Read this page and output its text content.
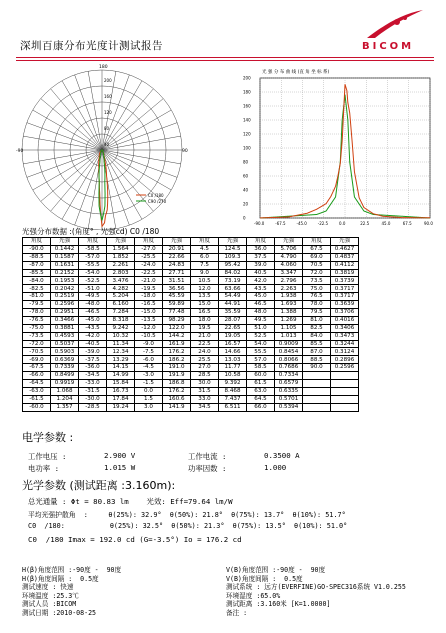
深圳百康分布光度计测试报告	BICOM
40
80
120
160
200
180
-90	90
C0 /180
C90 /270
光 强 分 布 曲 线 (直 角 坐 标 系)
200
180
160
140
120
100
80
60
40
20
0
-90.0	-67.5	-45.0	-22.5	0.0	22.5	45.0	67.5	90.0
光强分布数据 :(角度° , 光强cd) C0 /180
角度	光强	角度	光强	角度	光强	角度	光强	角度	光强	角度	光强
-90.0	0.1442	-58.5	1.564	-27.0	20.91	4.5	124.5	36.0	5.706	67.5	0.4627
-88.5	0.1587	-57.0	1.852	-25.5	22.66	6.0	109.3	37.5	4.790	69.0	0.4837
-87.0	0.1631	-55.5	2.261	-24.0	24.83	7.5	95.42	39.0	4.060	70.5	0.4112
-85.5	0.2152	-54.0	2.803	-22.5	27.71	9.0	84.02	40.5	3.347	72.0	0.3819
-84.0	0.1953	-52.5	3.476	-21.0	31.51	10.5	73.19	42.0	2.796	73.5	0.3739
-82.5	0.2042	-51.0	4.282	-19.5	36.56	12.0	63.66	43.5	2.263	75.0	0.3717
-81.0	0.2519	-49.5	5.204	-18.0	45.59	13.5	54.49	45.0	1.938	76.5	0.3717
-79.5	0.2596	-48.0	6.160	-16.5	59.89	15.0	44.91	46.5	1.693	78.0	0.3639
-78.0	0.2951	-46.5	7.284	-15.0	77.48	16.5	35.59	48.0	1.388	79.5	0.3706
-76.5	0.3466	-45.0	8.318	-13.5	98.29	18.0	28.07	49.5	1.269	81.0	0.4016
-75.0	0.3881	-43.5	9.242	-12.0	122.0	19.5	22.65	51.0	1.105	82.5	0.3406
-73.5	0.4593	-42.0	10.32	-10.5	144.2	21.0	19.05	52.5	1.013	84.0	0.3473
-72.0	0.5037	-40.5	11.34	-9.0	161.9	22.5	16.57	54.0	0.9009	85.5	0.3244
-70.5	0.5903	-39.0	12.34	-7.5	176.2	24.0	14.66	55.5	0.8454	87.0	0.3124
-69.0	0.6369	-37.5	13.29	-6.0	186.2	25.5	13.03	57.0	0.8066	88.5	0.2896
-67.5	0.7339	-36.0	14.15	-4.5	191.0	27.0	11.77	58.5	0.7686	90.0	0.2596
-66.0	0.8499	-34.5	14.99	-3.0	191.9	28.5	10.58	60.0	0.7334		
-64.5	0.9919	-33.0	15.84	-1.5	186.8	30.0	9.392	61.5	0.6579		
-63.0	1.068	-31.5	16.73	0.0	176.2	31.5	8.468	63.0	0.6335		
-61.5	1.204	-30.0	17.84	1.5	160.6	33.0	7.437	64.5	0.5701		
-60.0	1.357	-28.5	19.24	3.0	141.9	34.5	6.511	66.0	0.5394		
电学参数 :
工作电压 :	2.900 V	工作电流 :	0.3500 A
电功率 :	1.015 W	功率因数 :	1.000
光学参数 (测试距离 :3.160m):
总光通量 : Φt = 80.83 lm    光效: Eff=79.64 lm/W
平均光强护散角  :     θ(25%): 32.9°  θ(50%): 21.8°  θ(75%): 13.7°  θ(10%): 51.7°
C0  /180:           θ(25%): 32.5°  θ(50%): 21.3°  θ(75%): 13.5°  θ(10%): 51.0°
C0  /180 Imax = 192.0 cd (G=-3.5°) Io = 176.2 cd
H(β)角度范围 :-90度 -  90度
H(β)角度间隔 :  0.5度
测试速度 : 快速
环境温度 :25.3℃
测试人员 :BICOM
测试日期 :2010-08-25
V(B)角度范围 :-90度 -  90度
V(B)角度间隔 :  0.5度
测试系统 : 远方(EVERFINE)GO-SPEC316系统 V1.0.255
环境湿度 :65.0%
测试距离 :3.160米 [K=1.0000]
备注 :
